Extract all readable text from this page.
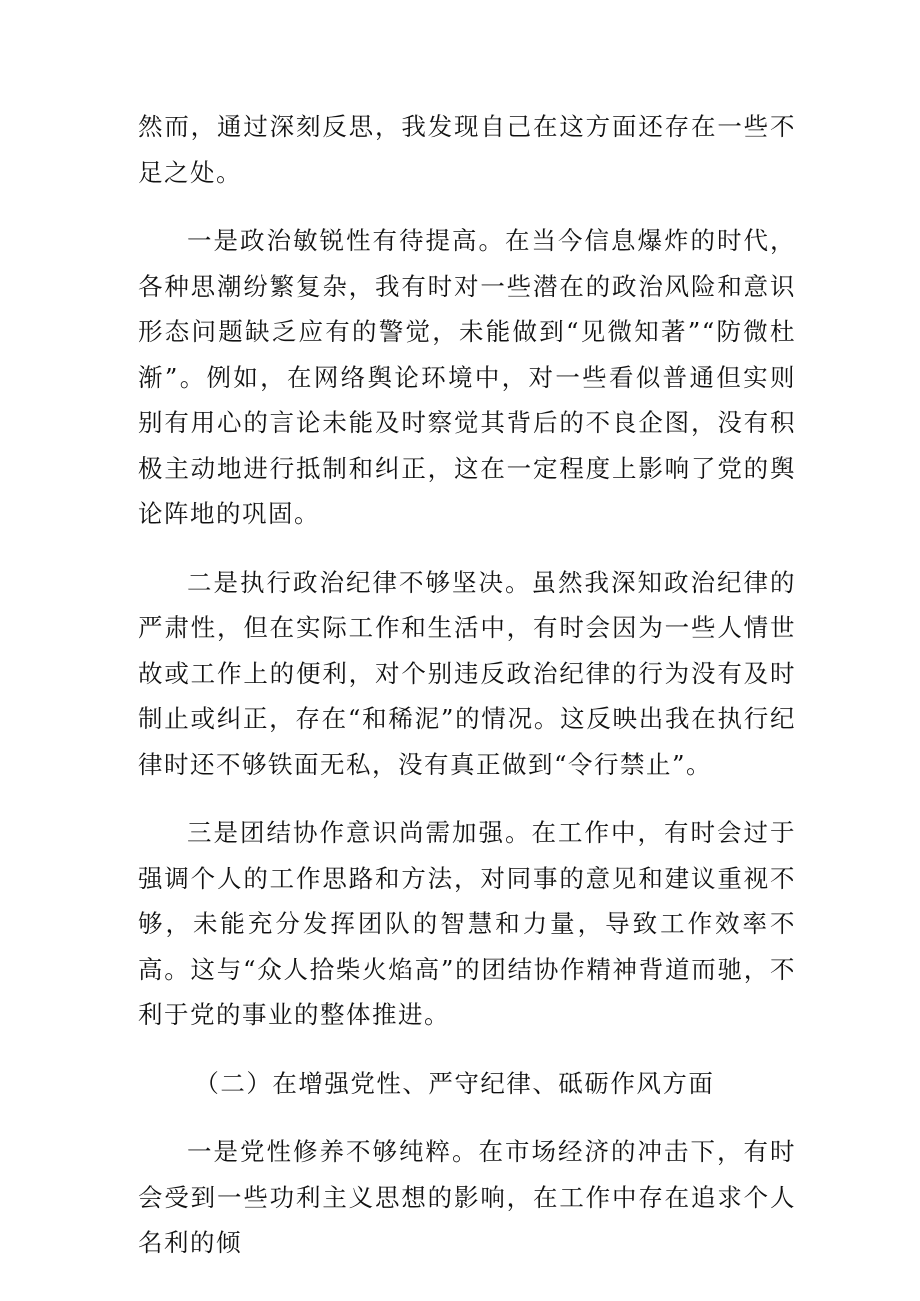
然而，通过深刻反思，我发现自己在这方面还存在一些不足之处。

一是政治敏锐性有待提高。在当今信息爆炸的时代，各种思潮纷繁复杂，我有时对一些潜在的政治风险和意识形态问题缺乏应有的警觉，未能做到“见微知著”“防微杜渐”。例如，在网络舆论环境中，对一些看似普通但实则别有用心的言论未能及时察觉其背后的不良企图，没有积极主动地进行抵制和纠正，这在一定程度上影响了党的舆论阵地的巩固。

二是执行政治纪律不够坚决。虽然我深知政治纪律的严肃性，但在实际工作和生活中，有时会因为一些人情世故或工作上的便利，对个别违反政治纪律的行为没有及时制止或纠正，存在“和稀泥”的情况。这反映出我在执行纪律时还不够铁面无私，没有真正做到“令行禁止”。

三是团结协作意识尚需加强。在工作中，有时会过于强调个人的工作思路和方法，对同事的意见和建议重视不够，未能充分发挥团队的智慧和力量，导致工作效率不高。这与“众人拾柴火焰高”的团结协作精神背道而驰，不利于党的事业的整体推进。

（二）在增强党性、严守纪律、砥砺作风方面

一是党性修养不够纯粹。在市场经济的冲击下，有时会受到一些功利主义思想的影响，在工作中存在追求个人名利的倾
